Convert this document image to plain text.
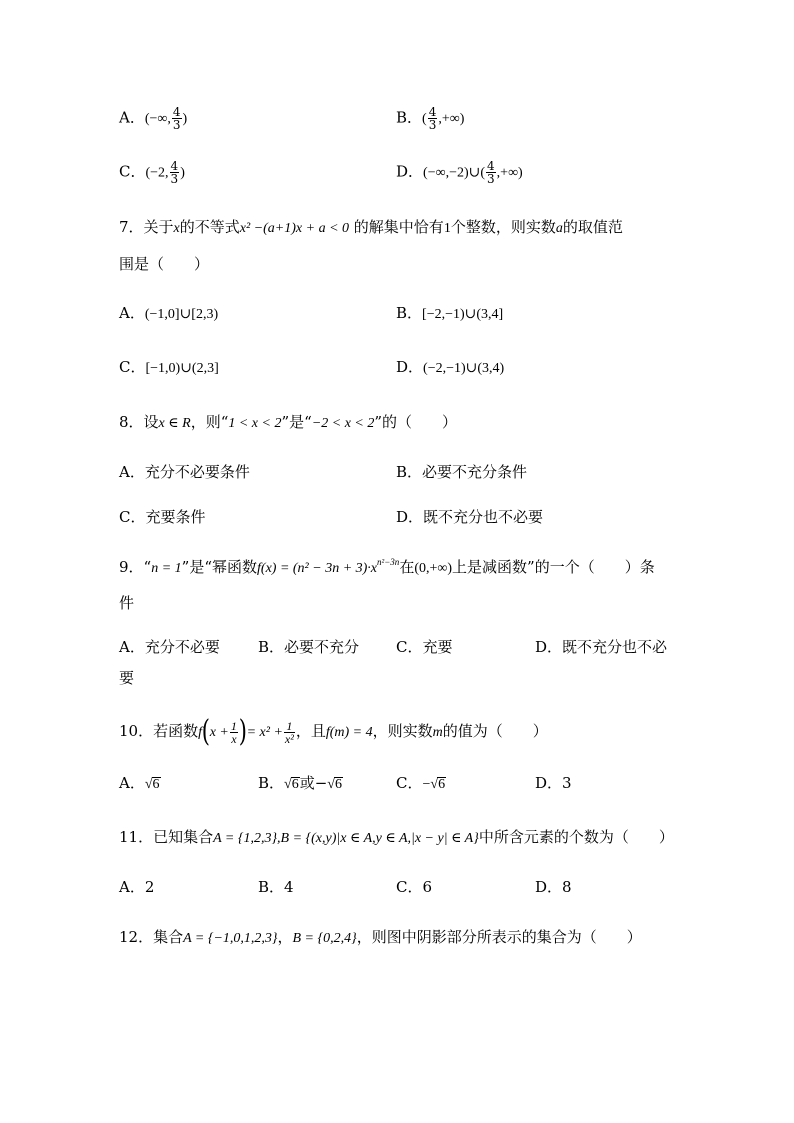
A．(−∞, $\frac{4}{3}$ )	B．( $\frac{4}{3}$ ,+∞)
C．(−2, $\frac{4}{3}$ )	D．(−∞,−2)∪( $\frac{4}{3}$ ,+∞)
7．关于x的不等式x² −(a+1)x + a < 0 的解集中恰有1个整数，则实数a的取值范
围是（　　）
A．(−1,0]∪[2,3)	B．[−2,−1)∪(3,4]
C．[−1,0)∪(2,3]	D．(−2,−1)∪(3,4)
8．设x ∈ R，则“1 < x < 2”是“−2 < x < 2”的（　　）
A．充分不必要条件	B．必要不充分条件
C．充要条件	D．既不充分也不必要
9．“n = 1”是“幂函数$f(x) = (n^2 - 3n + 3)\cdot x^{n^2-3n}$在(0,+∞)上是减函数”的一个（　　）条
件
A．充分不必要	B．必要不充分 C．充要	D．既不充分也不必
要
10．若函数$f(x + \frac{1}{x}$ )= $x^2 + \frac{1}{\text{x²}}$ ，且f(m) = 4，则实数m的值为（　　）
A．√6	B．√6或−√6	C．−√6	D．3
11．已知集合A = {1,2,3},B = {(x,y)|x ∈ A,y ∈ A,|x − y| ∈ A}中所含元素的个数为（　　）
A．2	B．4	C．6	D．8
12．集合A = {−1,0,1,2,3}，B = {0,2,4}，则图中阴影部分所表示的集合为（　　）
